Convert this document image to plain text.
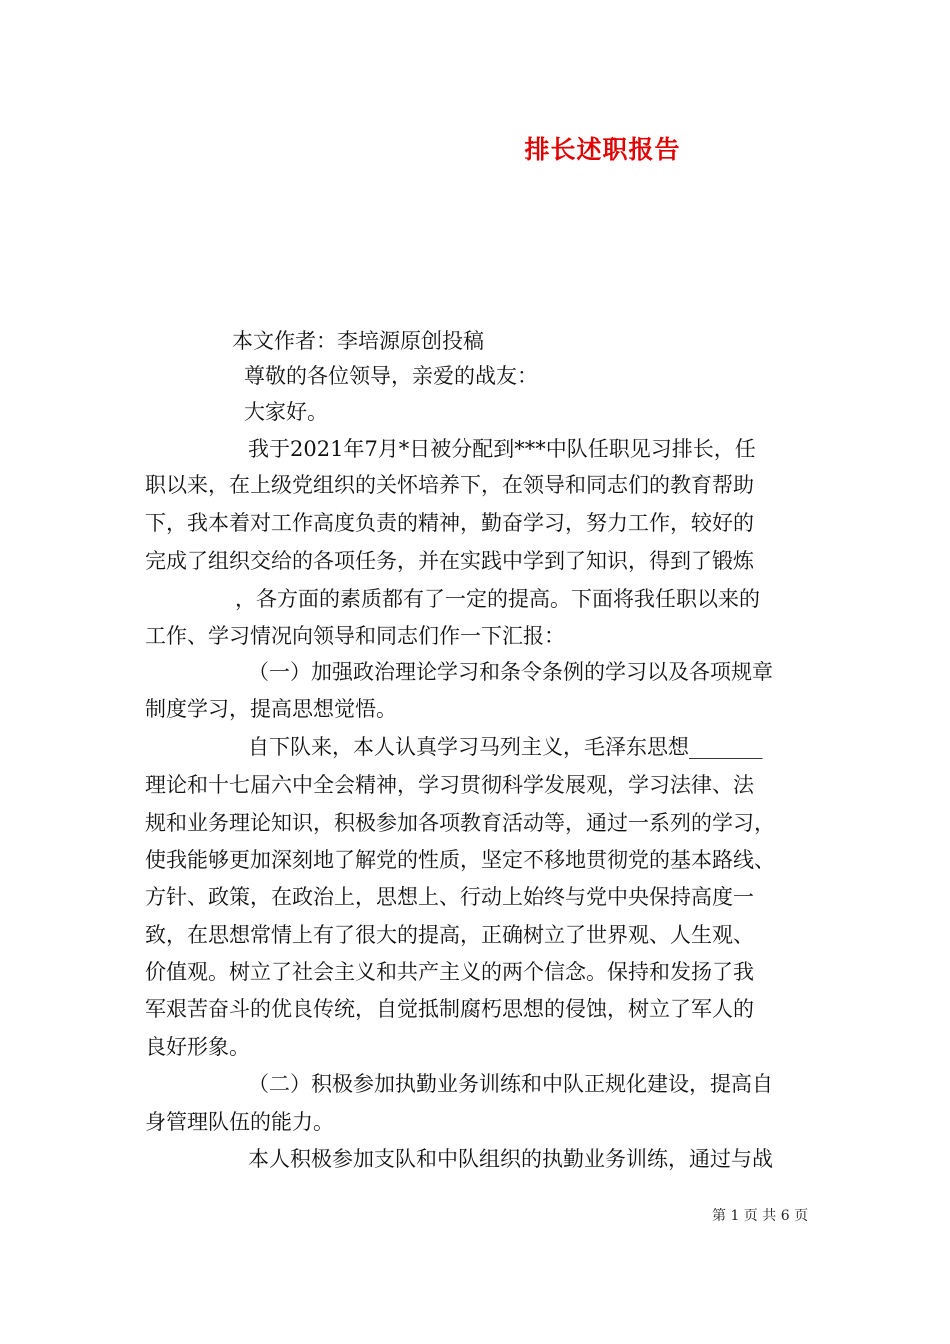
排长述职报告
本文作者：李培源原创投稿
尊敬的各位领导，亲爱的战友：
大家好。
我于2021年7月*日被分配到***中队任职见习排长，任
职以来，在上级党组织的关怀培养下，在领导和同志们的教育帮助
下，我本着对工作高度负责的精神，勤奋学习，努力工作，较好的
完成了组织交给的各项任务，并在实践中学到了知识，得到了锻炼
，各方面的素质都有了一定的提高。下面将我任职以来的
工作、学习情况向领导和同志们作一下汇报：
（一）加强政治理论学习和条令条例的学习以及各项规章
制度学习，提高思想觉悟。
自下队来，本人认真学习马列主义，毛泽东思想_______
理论和十七届六中全会精神，学习贯彻科学发展观，学习法律、法
规和业务理论知识，积极参加各项教育活动等，通过一系列的学习，
使我能够更加深刻地了解党的性质，坚定不移地贯彻党的基本路线、
方针、政策，在政治上，思想上、行动上始终与党中央保持高度一
致，在思想常情上有了很大的提高，正确树立了世界观、人生观、
价值观。树立了社会主义和共产主义的两个信念。保持和发扬了我
军艰苦奋斗的优良传统，自觉抵制腐朽思想的侵蚀，树立了军人的
良好形象。
（二）积极参加执勤业务训练和中队正规化建设，提高自
身管理队伍的能力。
本人积极参加支队和中队组织的执勤业务训练，通过与战
第 1 页 共 6 页
